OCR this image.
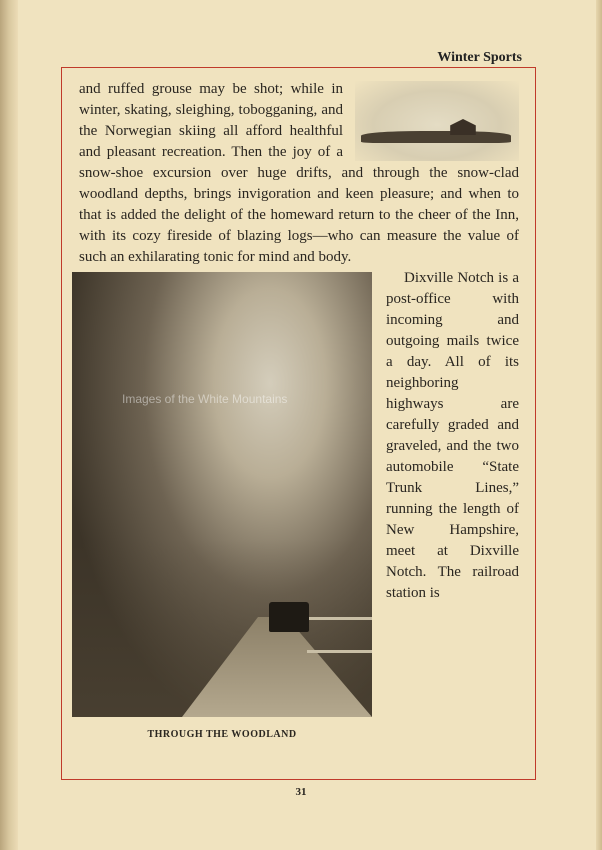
Winter Sports

and ruffed grouse may be shot; while in winter, skating, sleighing, tobogganing, and the Norwegian skiing all afford healthful and pleasant recreation. Then the joy of a snow-shoe excursion over huge drifts, and through the snow-clad woodland depths, brings invigoration and keen pleasure; and when to that is added the delight of the homeward return to the cheer of the Inn, with its cozy fireside of blazing logs—who can measure the value of such an exhilarating tonic for mind and body.

Images of the White Mountains
THROUGH THE WOODLAND

Dixville Notch is a post-office with incoming and outgoing mails twice a day. All of its neighboring highways are carefully graded and graveled, and the two automobile “State Trunk Lines,” running the length of New Hampshire, meet at Dixville Notch. The railroad station is

31
